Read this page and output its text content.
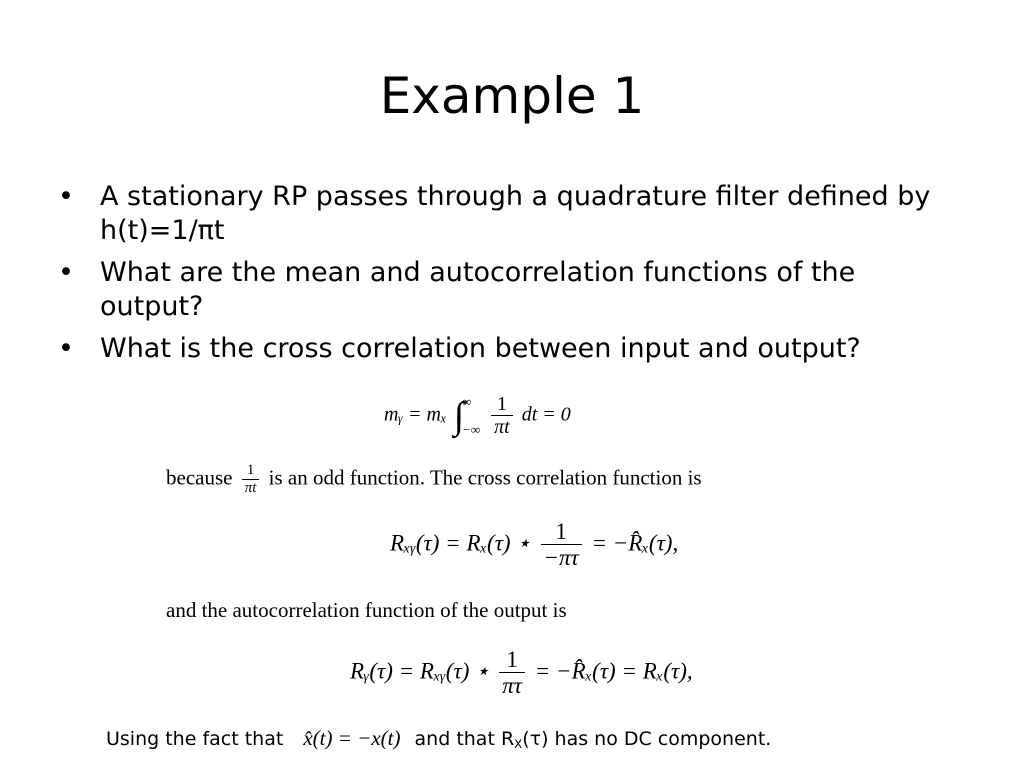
Example 1
• A stationary RP passes through a quadrature filter defined by h(t)=1/πt
• What are the mean and autocorrelation functions of the output?
• What is the cross correlation between input and output?
mᵧ = mₓ ∫
∞
−∞
$\frac{1}{\pi t}$ dt = 0
because $\frac{1}{\pi t}$ is an odd function. The cross correlation function is
Rₓᵧ(τ) = Rₓ(τ) ⋆ $\frac{1}{-\pi\tau}$ = −R̂ₓ(τ),
and the autocorrelation function of the output is
Rᵧ(τ) = Rₓᵧ(τ) ⋆ $\frac{1}{\pi\tau}$ = −R̂̂ₓ(τ) = Rₓ(τ),
Using the fact that x̂(t) = −x(t) and that $R_X(\tau)$ has no DC component.
